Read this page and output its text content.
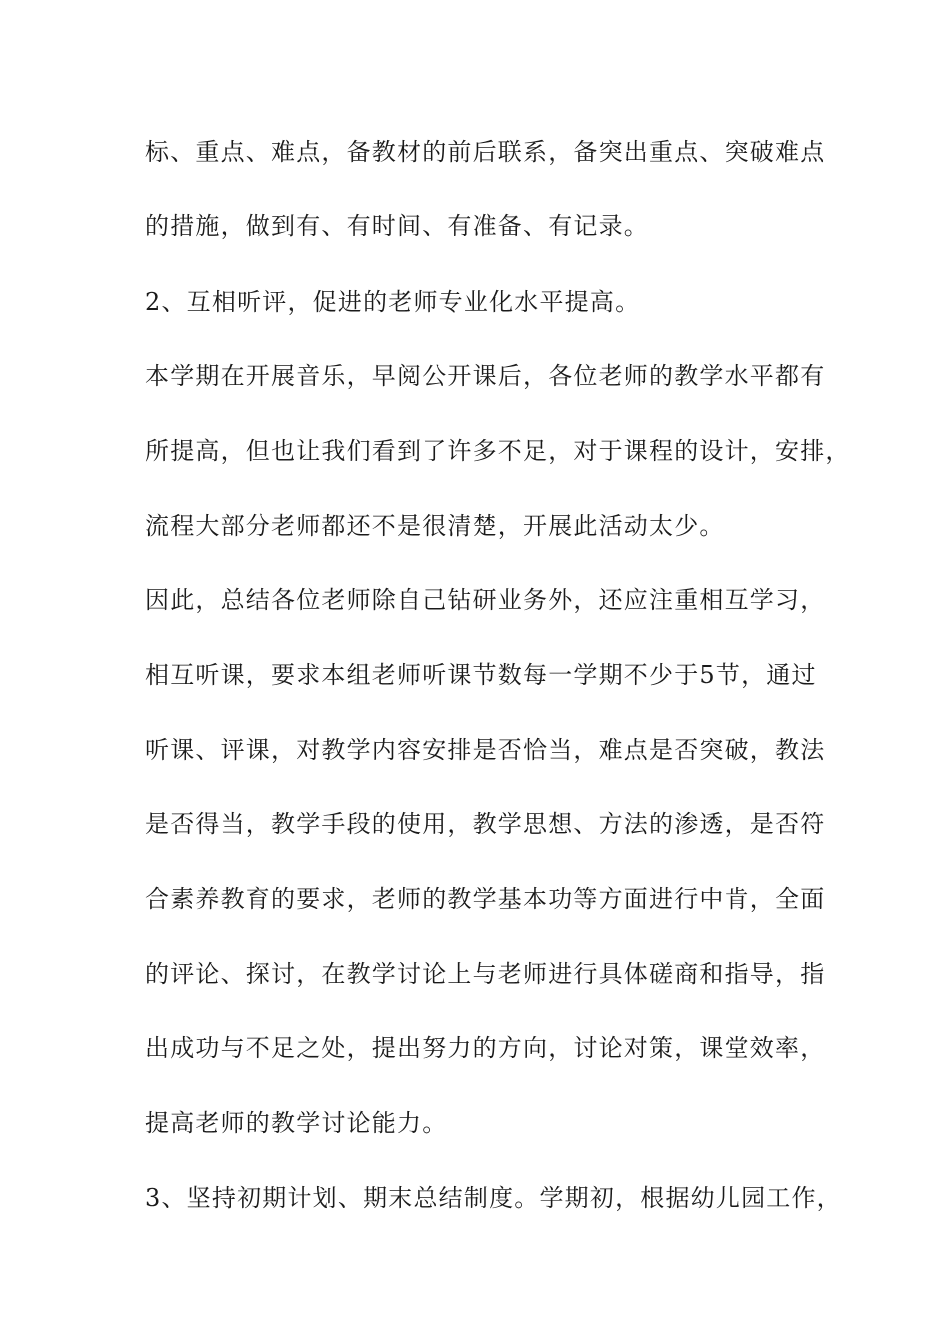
标、重点、难点，备教材的前后联系，备突出重点、突破难点
的措施，做到有、有时间、有准备、有记录。
2、互相听评，促进的老师专业化水平提高。
本学期在开展音乐，早阅公开课后，各位老师的教学水平都有
所提高，但也让我们看到了许多不足，对于课程的设计，安排，
流程大部分老师都还不是很清楚，开展此活动太少。
因此，总结各位老师除自己钻研业务外，还应注重相互学习，
相互听课，要求本组老师听课节数每一学期不少于5节，通过
听课、评课，对教学内容安排是否恰当，难点是否突破，教法
是否得当，教学手段的使用，教学思想、方法的渗透，是否符
合素养教育的要求，老师的教学基本功等方面进行中肯，全面
的评论、探讨，在教学讨论上与老师进行具体磋商和指导，指
出成功与不足之处，提出努力的方向，讨论对策，课堂效率，
提高老师的教学讨论能力。
3、坚持初期计划、期末总结制度。学期初，根据幼儿园工作，
